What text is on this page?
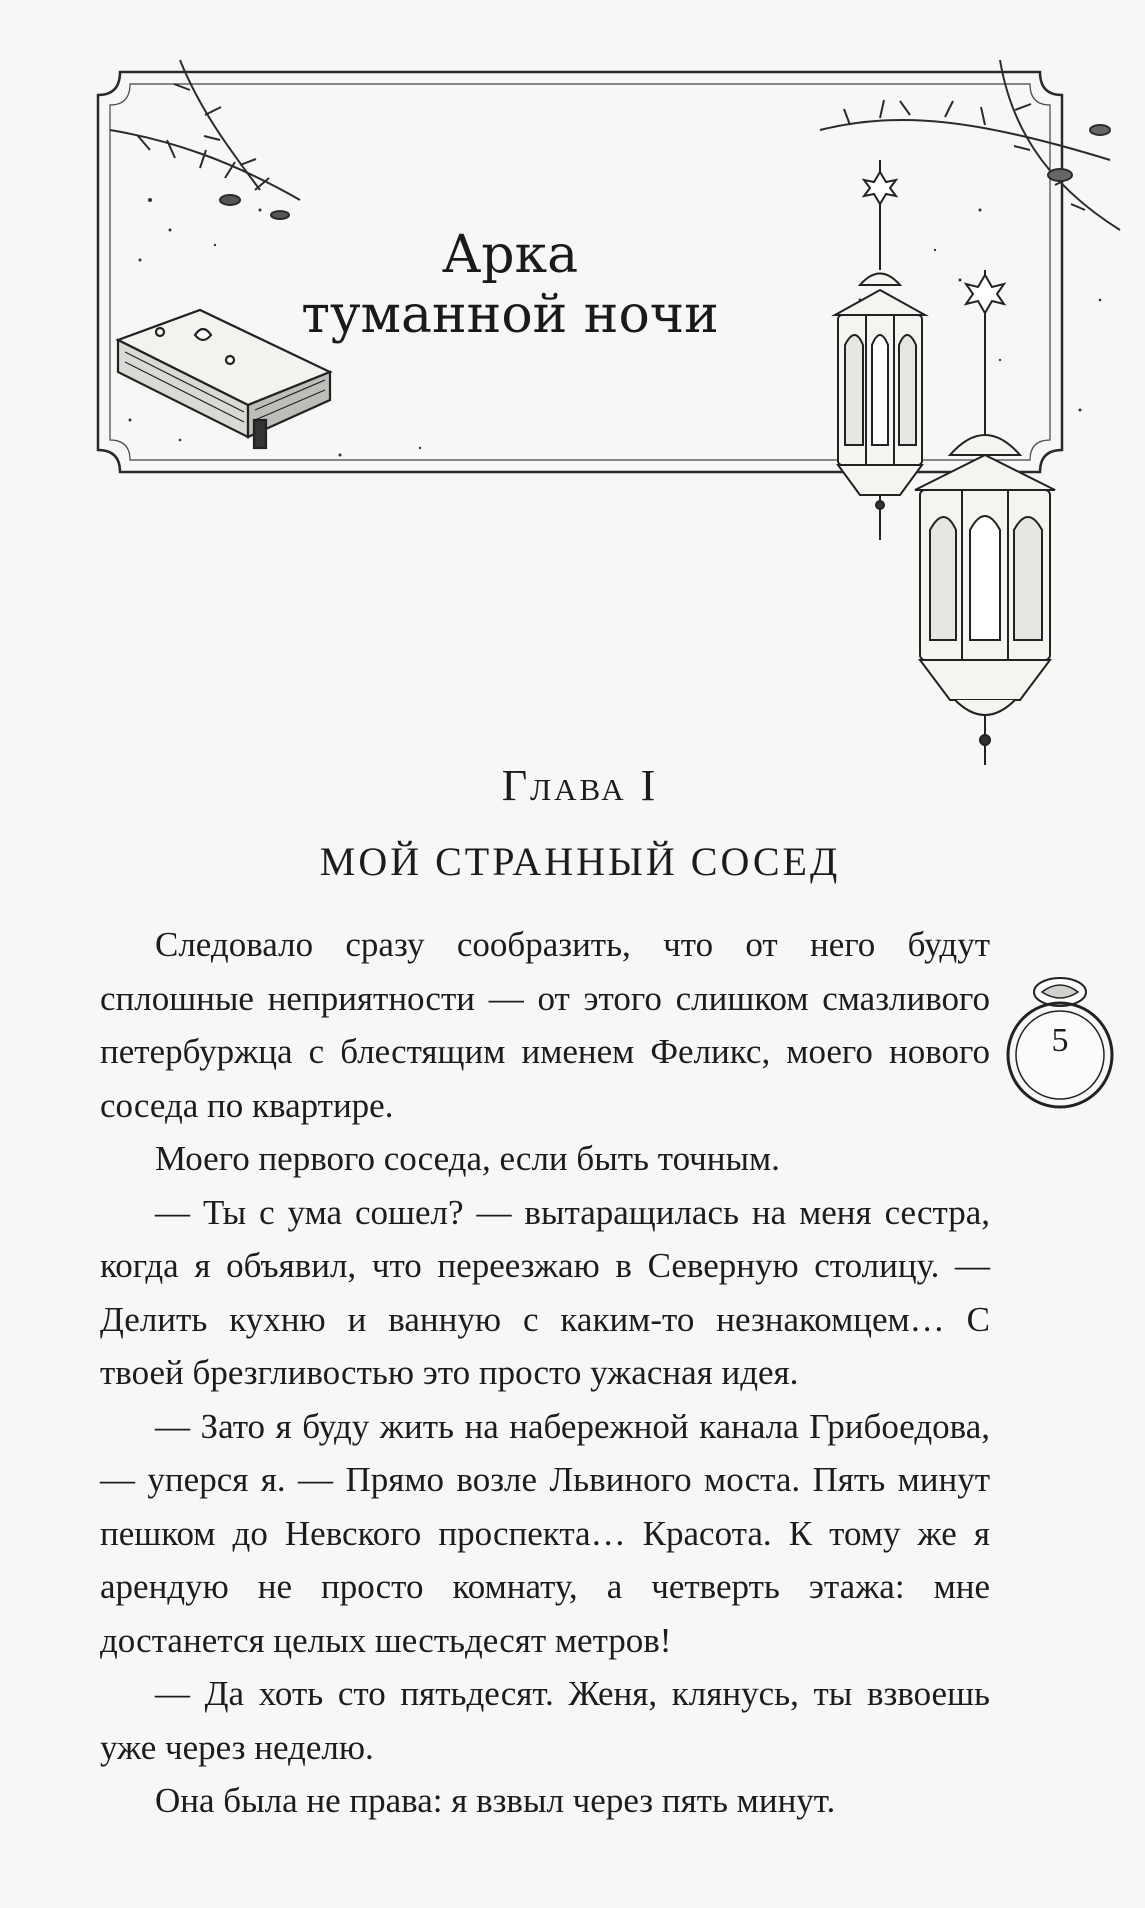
Арка
туманной ночи
Глава I
МОЙ СТРАННЫЙ СОСЕД

Следовало сразу сообразить, что от него будут сплошные неприятности — от этого слишком смазливого петербуржца с блестящим именем Феликс, моего нового соседа по квартире.

Моего первого соседа, если быть точным.

— Ты с ума сошел? — вытаращилась на меня сестра, когда я объявил, что переезжаю в Северную столицу. — Делить кухню и ванную с каким-то незнакомцем… С твоей брезгливостью это просто ужасная идея.

— Зато я буду жить на набережной канала Грибоедова, — уперся я. — Прямо возле Львиного моста. Пять минут пешком до Невского проспекта… Красота. К тому же я арендую не просто комнату, а четверть этажа: мне достанется целых шестьдесят метров!

— Да хоть сто пятьдесят. Женя, клянусь, ты взвоешь уже через неделю.

Она была не права: я взвыл через пять минут.

5
